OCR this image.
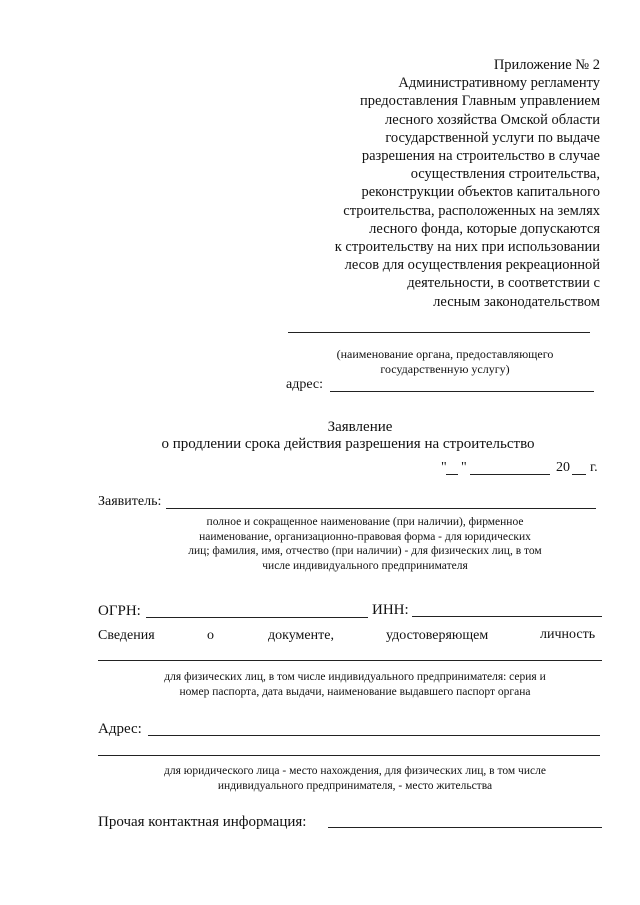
Приложение № 2
Административному регламенту
предоставления Главным управлением
лесного хозяйства Омской области
государственной услуги по выдаче
разрешения на строительство в случае
осуществления строительства,
реконструкции объектов капитального
строительства, расположенных на землях
лесного фонда, которые допускаются
к строительству на них при использовании
лесов для осуществления рекреационной
деятельности, в соответствии с
лесным законодательством
(наименование органа, предоставляющего
государственную услугу)
адрес:
Заявление
о продлении срока действия разрешения на строительство
" "	20 г.
Заявитель:
полное и сокращенное наименование (при наличии), фирменное
наименование, организационно-правовая форма - для юридических
лиц; фамилия, имя, отчество (при наличии) - для физических лиц, в том
числе индивидуального предпринимателя
ОГРН:	ИНН:
Сведения	о	документе,	удостоверяющем	личность
для физических лиц, в том числе индивидуального предпринимателя: серия и
номер паспорта, дата выдачи, наименование выдавшего паспорт органа
Адрес:
для юридического лица - место нахождения, для физических лиц, в том числе
индивидуального предпринимателя, - место жительства
Прочая контактная информация:
